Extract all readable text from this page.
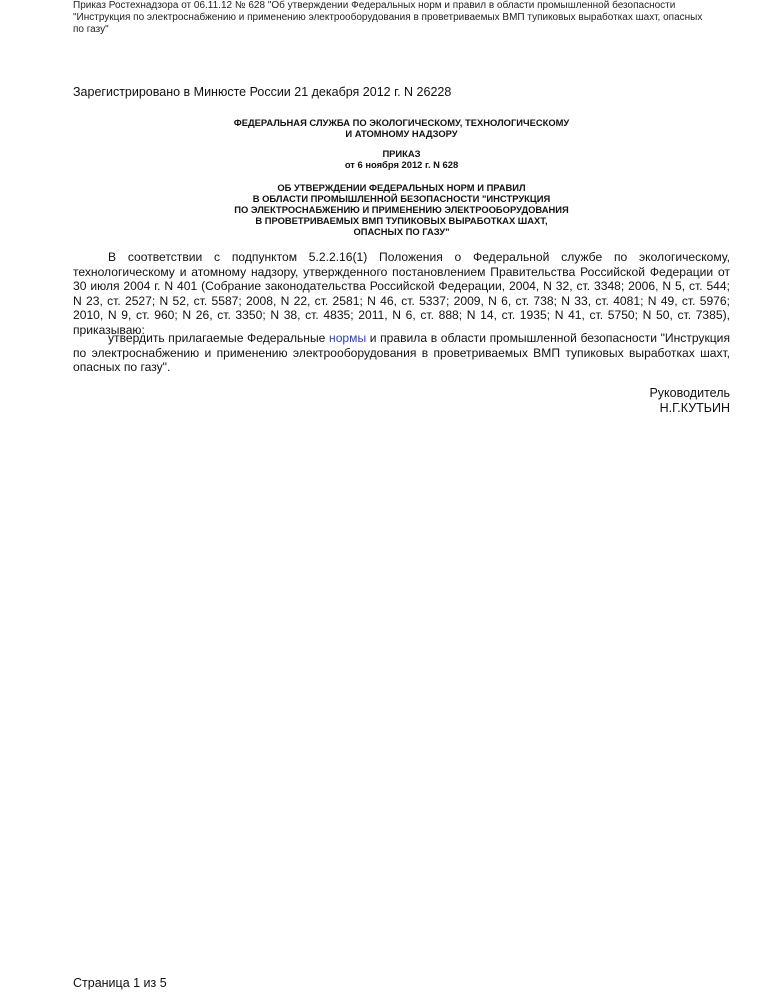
Приказ Ростехнадзора от 06.11.12 № 628 "Об утверждении Федеральных норм и правил в области промышленной безопасности
"Инструкция по электроснабжению и применению электрооборудования в проветриваемых ВМП тупиковых выработках шахт, опасных
по газу"
Зарегистрировано в Минюсте России 21 декабря 2012 г. N 26228
ФЕДЕРАЛЬНАЯ СЛУЖБА ПО ЭКОЛОГИЧЕСКОМУ, ТЕХНОЛОГИЧЕСКОМУ
И АТОМНОМУ НАДЗОРУ
ПРИКАЗ
от 6 ноября 2012 г. N 628
ОБ УТВЕРЖДЕНИИ ФЕДЕРАЛЬНЫХ НОРМ И ПРАВИЛ
В ОБЛАСТИ ПРОМЫШЛЕННОЙ БЕЗОПАСНОСТИ "ИНСТРУКЦИЯ
ПО ЭЛЕКТРОСНАБЖЕНИЮ И ПРИМЕНЕНИЮ ЭЛЕКТРООБОРУДОВАНИЯ
В ПРОВЕТРИВАЕМЫХ ВМП ТУПИКОВЫХ ВЫРАБОТКАХ ШАХТ,
ОПАСНЫХ ПО ГАЗУ"
В соответствии с подпунктом 5.2.2.16(1) Положения о Федеральной службе по экологическому, технологическому и атомному надзору, утвержденного постановлением Правительства Российской Федерации от 30 июля 2004 г. N 401 (Собрание законодательства Российской Федерации, 2004, N 32, ст. 3348; 2006, N 5, ст. 544; N 23, ст. 2527; N 52, ст. 5587; 2008, N 22, ст. 2581; N 46, ст. 5337; 2009, N 6, ст. 738; N 33, ст. 4081; N 49, ст. 5976; 2010, N 9, ст. 960; N 26, ст. 3350; N 38, ст. 4835; 2011, N 6, ст. 888; N 14, ст. 1935; N 41, ст. 5750; N 50, ст. 7385), приказываю:
утвердить прилагаемые Федеральные нормы и правила в области промышленной безопасности "Инструкция по электроснабжению и применению электрооборудования в проветриваемых ВМП тупиковых выработках шахт, опасных по газу".
Руководитель
Н.Г.КУТЬИН
Страница 1 из 5
